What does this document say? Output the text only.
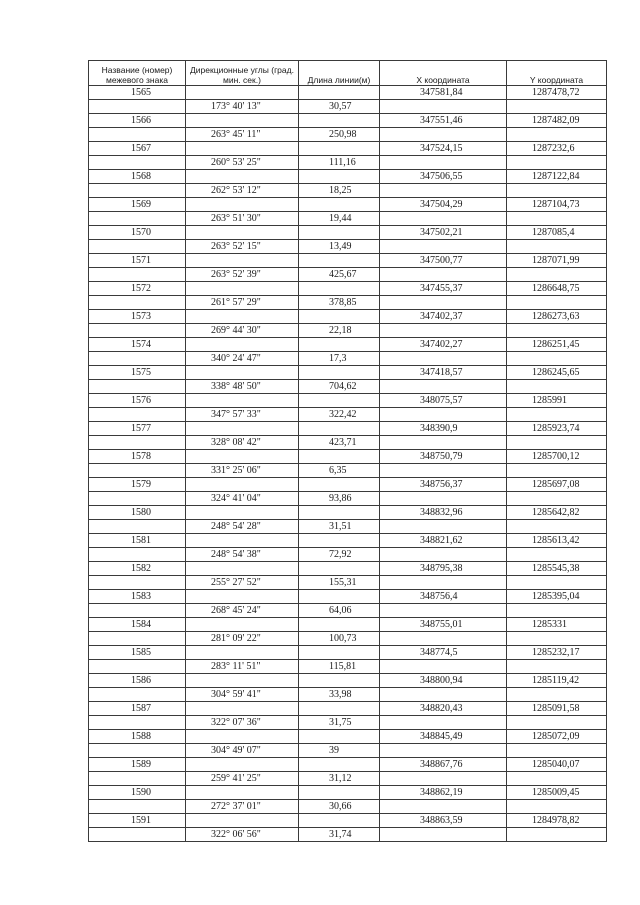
Название (номер) межевого знака	Дирекционные углы (град. мин. сек.)	Длина линии(м)	X координата	Y координата
1565			347581,84	1287478,72
	173° 40' 13"	30,57		
1566			347551,46	1287482,09
	263° 45' 11"	250,98		
1567			347524,15	1287232,6
	260° 53' 25"	111,16		
1568			347506,55	1287122,84
	262° 53' 12"	18,25		
1569			347504,29	1287104,73
	263° 51' 30"	19,44		
1570			347502,21	1287085,4
	263° 52' 15"	13,49		
1571			347500,77	1287071,99
	263° 52' 39"	425,67		
1572			347455,37	1286648,75
	261° 57' 29"	378,85		
1573			347402,37	1286273,63
	269° 44' 30"	22,18		
1574			347402,27	1286251,45
	340° 24' 47"	17,3		
1575			347418,57	1286245,65
	338° 48' 50"	704,62		
1576			348075,57	1285991
	347° 57' 33"	322,42		
1577			348390,9	1285923,74
	328° 08' 42"	423,71		
1578			348750,79	1285700,12
	331° 25' 06"	6,35		
1579			348756,37	1285697,08
	324° 41' 04"	93,86		
1580			348832,96	1285642,82
	248° 54' 28"	31,51		
1581			348821,62	1285613,42
	248° 54' 38"	72,92		
1582			348795,38	1285545,38
	255° 27' 52"	155,31		
1583			348756,4	1285395,04
	268° 45' 24"	64,06		
1584			348755,01	1285331
	281° 09' 22"	100,73		
1585			348774,5	1285232,17
	283° 11' 51"	115,81		
1586			348800,94	1285119,42
	304° 59' 41"	33,98		
1587			348820,43	1285091,58
	322° 07' 36"	31,75		
1588			348845,49	1285072,09
	304° 49' 07"	39		
1589			348867,76	1285040,07
	259° 41' 25"	31,12		
1590			348862,19	1285009,45
	272° 37' 01"	30,66		
1591			348863,59	1284978,82
	322° 06' 56"	31,74		
